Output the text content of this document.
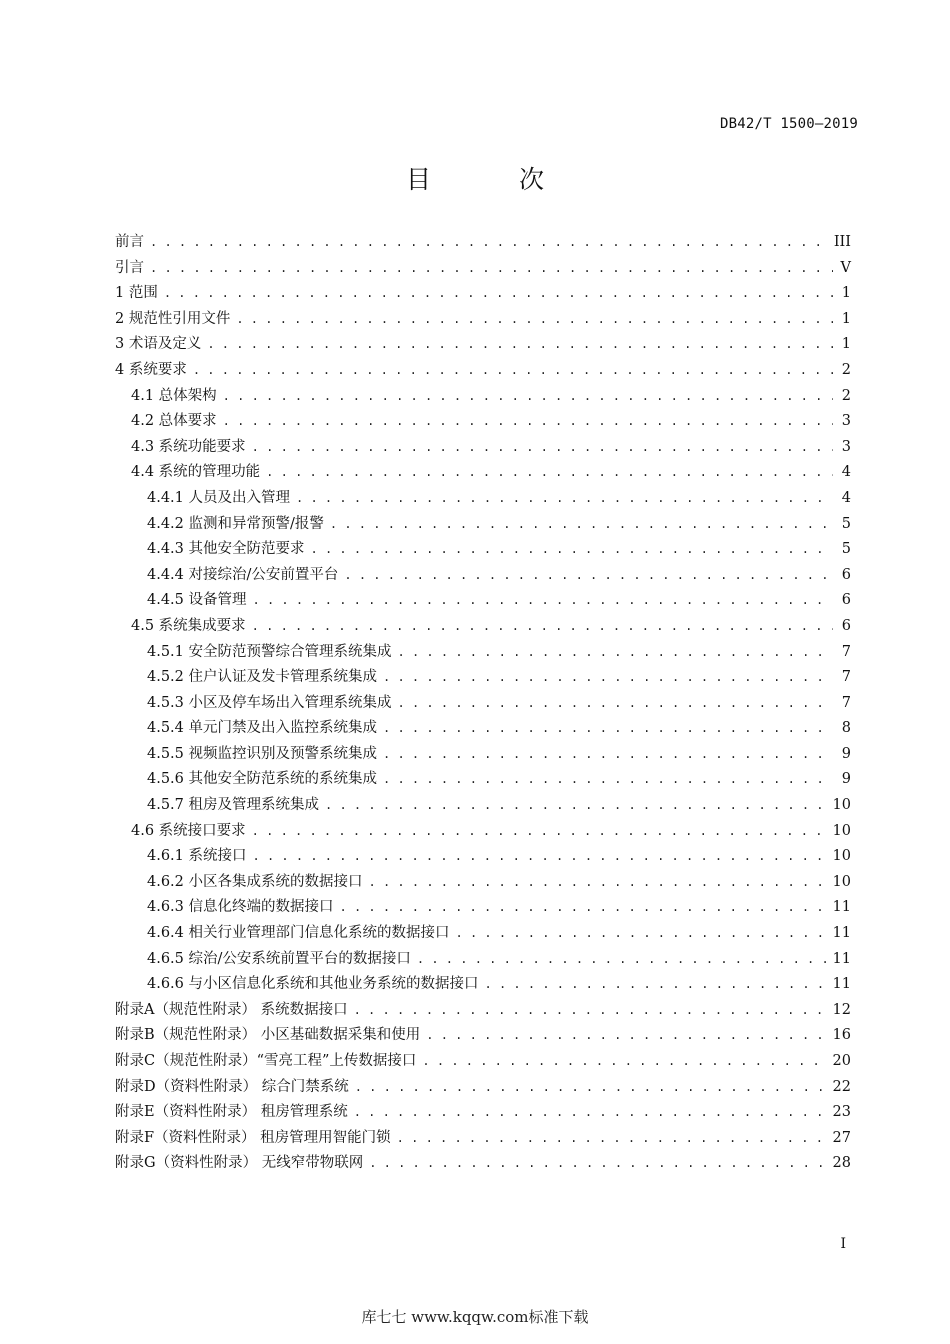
DB42/T 1500—2019
目 次
前言 . . .	III
引言 . . .	V
1 范围 . . .	1
2 规范性引用文件 . . .	1
3 术语及定义 . . .	1
4 系统要求 . . .	2
4.1 总体架构 . . .	2
4.2 总体要求 . . .	3
4.3 系统功能要求 . . .	3
4.4 系统的管理功能 . . .	4
4.4.1 人员及出入管理 . . .	4
4.4.2 监测和异常预警/报警 . . .	5
4.4.3 其他安全防范要求 . . .	5
4.4.4 对接综治/公安前置平台 . . .	6
4.4.5 设备管理 . . .	6
4.5 系统集成要求 . . .	6
4.5.1 安全防范预警综合管理系统集成 . . .	7
4.5.2 住户认证及发卡管理系统集成 . . .	7
4.5.3 小区及停车场出入管理系统集成 . . .	7
4.5.4 单元门禁及出入监控系统集成 . . .	8
4.5.5 视频监控识别及预警系统集成 . . .	9
4.5.6 其他安全防范系统的系统集成 . . .	9
4.5.7 租房及管理系统集成 . . .	10
4.6 系统接口要求 . . .	10
4.6.1 系统接口 . . .	10
4.6.2 小区各集成系统的数据接口 . . .	10
4.6.3 信息化终端的数据接口 . . .	11
4.6.4 相关行业管理部门信息化系统的数据接口 . . .	11
4.6.5 综治/公安系统前置平台的数据接口 . . .	11
4.6.6 与小区信息化系统和其他业务系统的数据接口 . . .	11
附录A（规范性附录） 系统数据接口 . . .	12
附录B（规范性附录） 小区基础数据采集和使用 . . .	16
附录C（规范性附录）“雪亮工程”上传数据接口 . . .	20
附录D（资料性附录） 综合门禁系统 . . .	22
附录E（资料性附录） 租房管理系统 . . .	23
附录F（资料性附录） 租房管理用智能门锁 . . .	27
附录G（资料性附录） 无线窄带物联网 . . .	28
I
库七七 www.kqqw.com标准下载
